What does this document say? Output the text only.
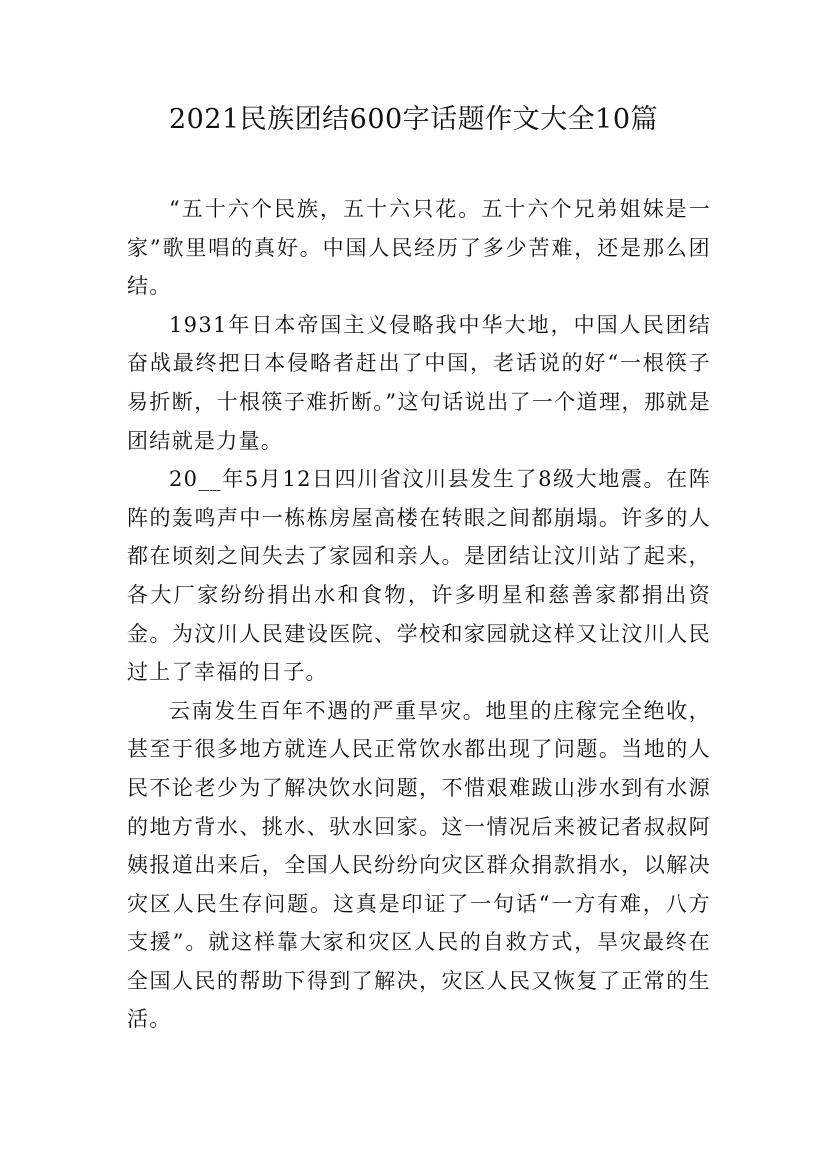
2021民族团结600字话题作文大全10篇

“五十六个民族，五十六只花。五十六个兄弟姐妹是一家”歌里唱的真好。中国人民经历了多少苦难，还是那么团结。

1931年日本帝国主义侵略我中华大地，中国人民团结奋战最终把日本侵略者赶出了中国，老话说的好“一根筷子易折断，十根筷子难折断。”这句话说出了一个道理，那就是团结就是力量。

20__年5月12日四川省汶川县发生了8级大地震。在阵阵的轰鸣声中一栋栋房屋高楼在转眼之间都崩塌。许多的人都在顷刻之间失去了家园和亲人。是团结让汶川站了起来，各大厂家纷纷捐出水和食物，许多明星和慈善家都捐出资金。为汶川人民建设医院、学校和家园就这样又让汶川人民过上了幸福的日子。

云南发生百年不遇的严重旱灾。地里的庄稼完全绝收，甚至于很多地方就连人民正常饮水都出现了问题。当地的人民不论老少为了解决饮水问题，不惜艰难跋山涉水到有水源的地方背水、挑水、驮水回家。这一情况后来被记者叔叔阿姨报道出来后，全国人民纷纷向灾区群众捐款捐水，以解决灾区人民生存问题。这真是印证了一句话“一方有难，八方支援”。就这样靠大家和灾区人民的自救方式，旱灾最终在全国人民的帮助下得到了解决，灾区人民又恢复了正常的生活。
